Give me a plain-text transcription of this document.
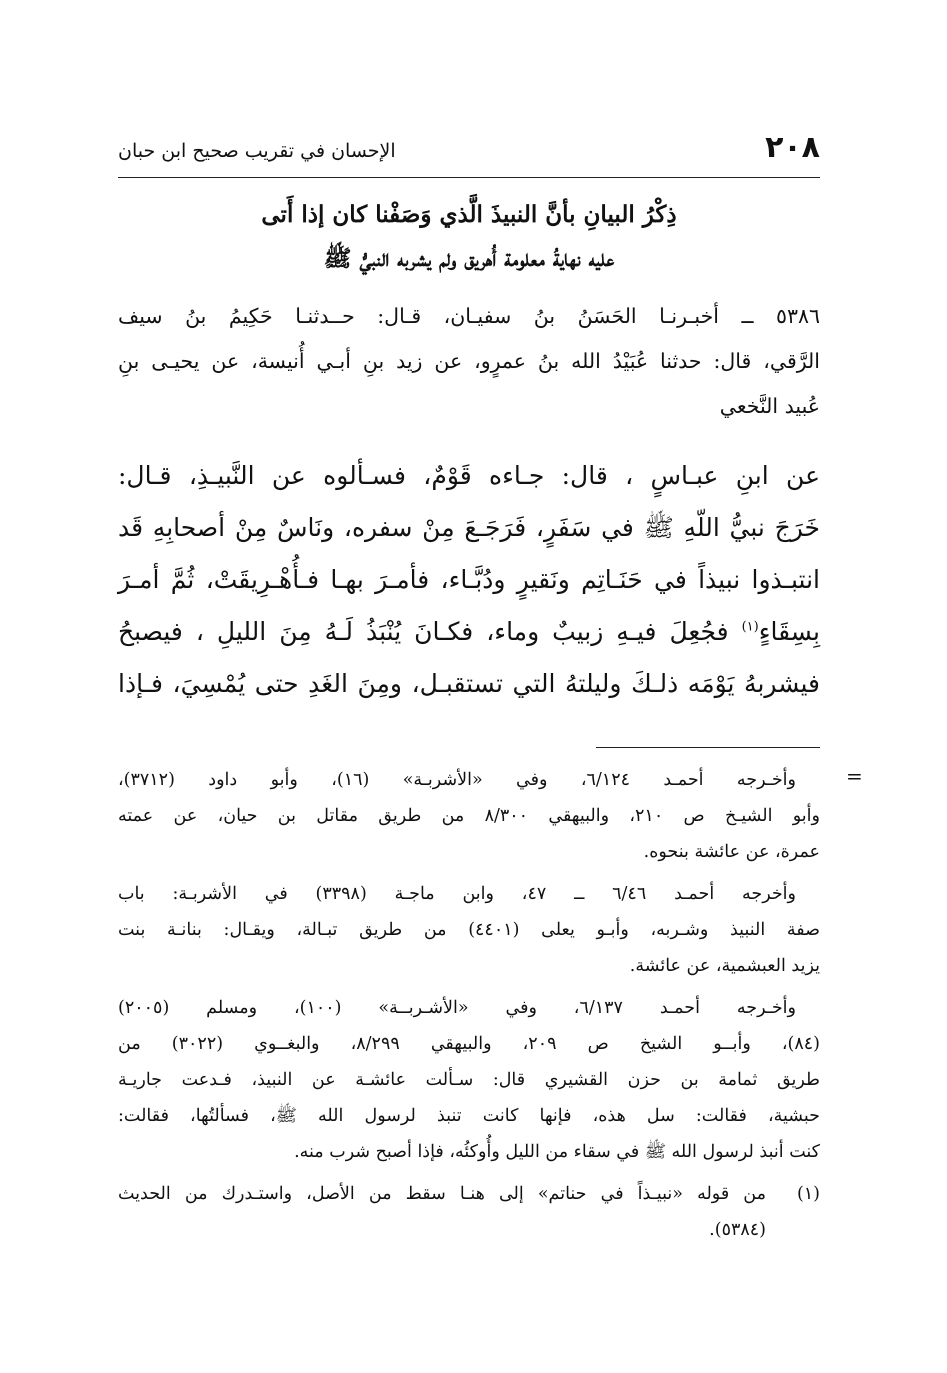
٢٠٨
الإحسان في تقريب صحيح ابن حبان
ذِكْرُ البيانِ بأنَّ النبيذَ الَّذي وَصَفْنا كان إذا أَتى
عليه نهايةُ معلومة أُهريق ولم يشربه النبيُّ ﷺ
٥٣٨٦ ــ أخبـرنـا الحَسَنُ بنُ سفيـان، قـال: حــدثنـا حَكِيمُ بنُ سيف
الرَّقي، قال: حدثنا عُبَيْدُ الله بنُ عمرٍو، عن زيد بنِ أبـي أُنيسة، عن يحيـى بنِ
عُبيد النَّخعي
عن ابنِ عبـاسٍ ، قال: جـاءه قَوْمٌ، فسـألوه عن النَّبيـذِ، قـال:
خَرَجَ نبيُّ اللّهِ ﷺ في سَفَرٍ، فَرَجَـعَ مِنْ سفره، ونَاسٌ مِنْ أصحابِهِ قَد
انتبـذوا نبيذاً في حَنَـاتِم ونَقيرٍ ودُبَّـاء، فأمـرَ بهـا فـأُهْـرِيقَتْ، ثُمَّ أمـرَ
بِسِقَاءٍ$^{(١)}$ فجُعِلَ فيـهِ زبيبٌ وماء، فكـانَ يُنْبَذُ لَـهُ مِنَ الليلِ ، فيصبحُ
فيشربهُ يَوْمَه ذلـكَ وليلتهُ التي تستقبـل، ومِنَ الغَدِ حتى يُمْسِيَ، فـإذا
=
وأخـرجه أحمـد ٦/١٢٤، وفي «الأشربـة» (١٦)، وأبو داود (٣٧١٢)،
وأبو الشيـخ ص ٢١٠، والبيهقي ٨/٣٠٠ من طريق مقاتل بن حيان، عن عمته
عمرة، عن عائشة بنحوه.
وأخرجه أحمـد ٦/٤٦ ــ ٤٧، وابن ماجـة (٣٣٩٨) في الأشربـة: باب
صفة النبيذ وشـربه، وأبـو يعلى (٤٤٠١) من طريق تبـالة، ويقـال: بنانـة بنت
يزيد العبشمية، عن عائشة.
وأخـرجه أحمـد ٦/١٣٧، وفي «الأشـربــة» (١٠٠)، ومسلم (٢٠٠٥)
(٨٤)، وأبــو الشيخ ص ٢٠٩، والبيهقي ٨/٢٩٩، والبغــوي (٣٠٢٢) من
طريق ثمامة بن حزن القشيري قال: سـألت عائشـة عن النبيذ، فـدعت جاريـة
حبشية، فقالت: سل هذه، فإنها كانت تنبذ لرسول الله ﷺ، فسألتُها، فقالت:
كنت أنبذ لرسول الله ﷺ في سقاء من الليل وأُوكئُه، فإذا أصبح شرب منه.
(١)
من قوله «نبيـذاً في حناتم» إلى هنـا سقط من الأصل، واستـدرك من الحديث
(٥٣٨٤).
